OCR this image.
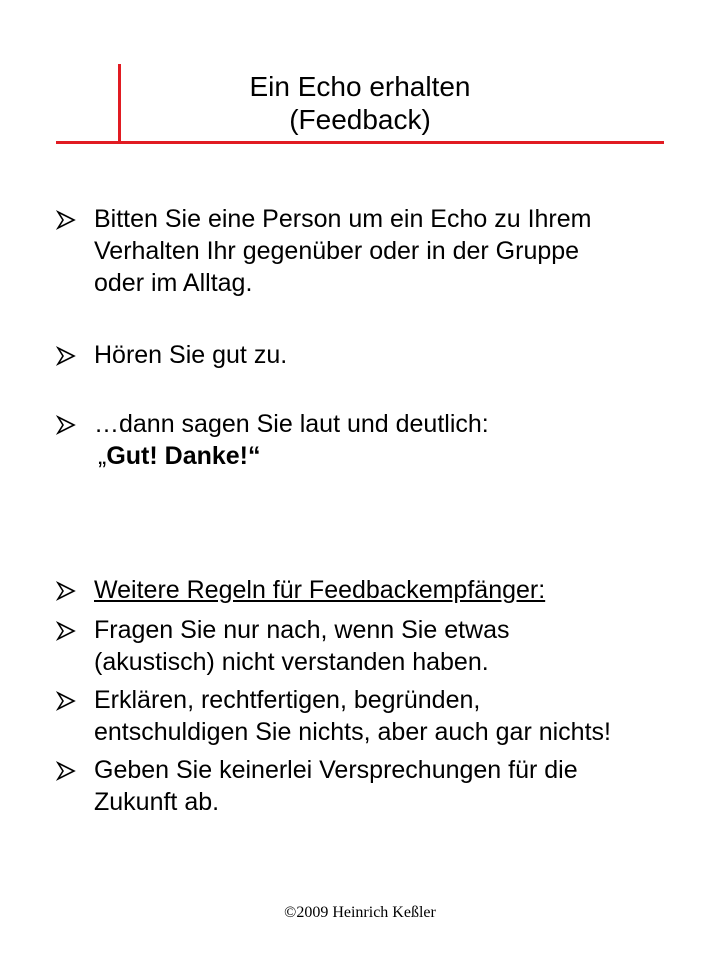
Ein Echo erhalten
(Feedback)
Bitten Sie eine Person um ein Echo zu Ihrem
Verhalten Ihr gegenüber oder in der Gruppe
oder im Alltag.
Hören Sie gut zu.
…dann sagen Sie laut und deutlich:
„Gut! Danke!“
Weitere Regeln für Feedbackempfänger:
Fragen Sie nur nach, wenn Sie etwas
(akustisch) nicht verstanden haben.
Erklären, rechtfertigen, begründen,
entschuldigen Sie nichts, aber auch gar nichts!
Geben Sie keinerlei Versprechungen für die
Zukunft ab.
©2009 Heinrich Keßler
